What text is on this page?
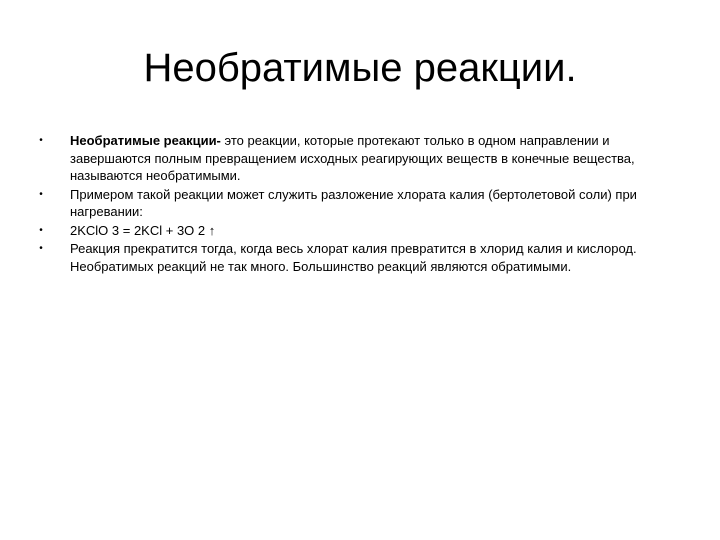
Необратимые реакции.
• Необратимые реакции- это реакции, которые протекают только в одном направлении и завершаются полным превращением исходных реагирующих веществ в конечные вещества, называются необратимыми.
• Примером такой реакции может служить разложение хлората калия (бертолетовой соли) при нагревании:
• 2KClO 3 = 2KCl + 3O 2 ↑
• Реакция прекратится тогда, когда весь хлорат калия превратится в хлорид калия и кислород. Необратимых реакций не так много. Большинство реакций являются обратимыми.
